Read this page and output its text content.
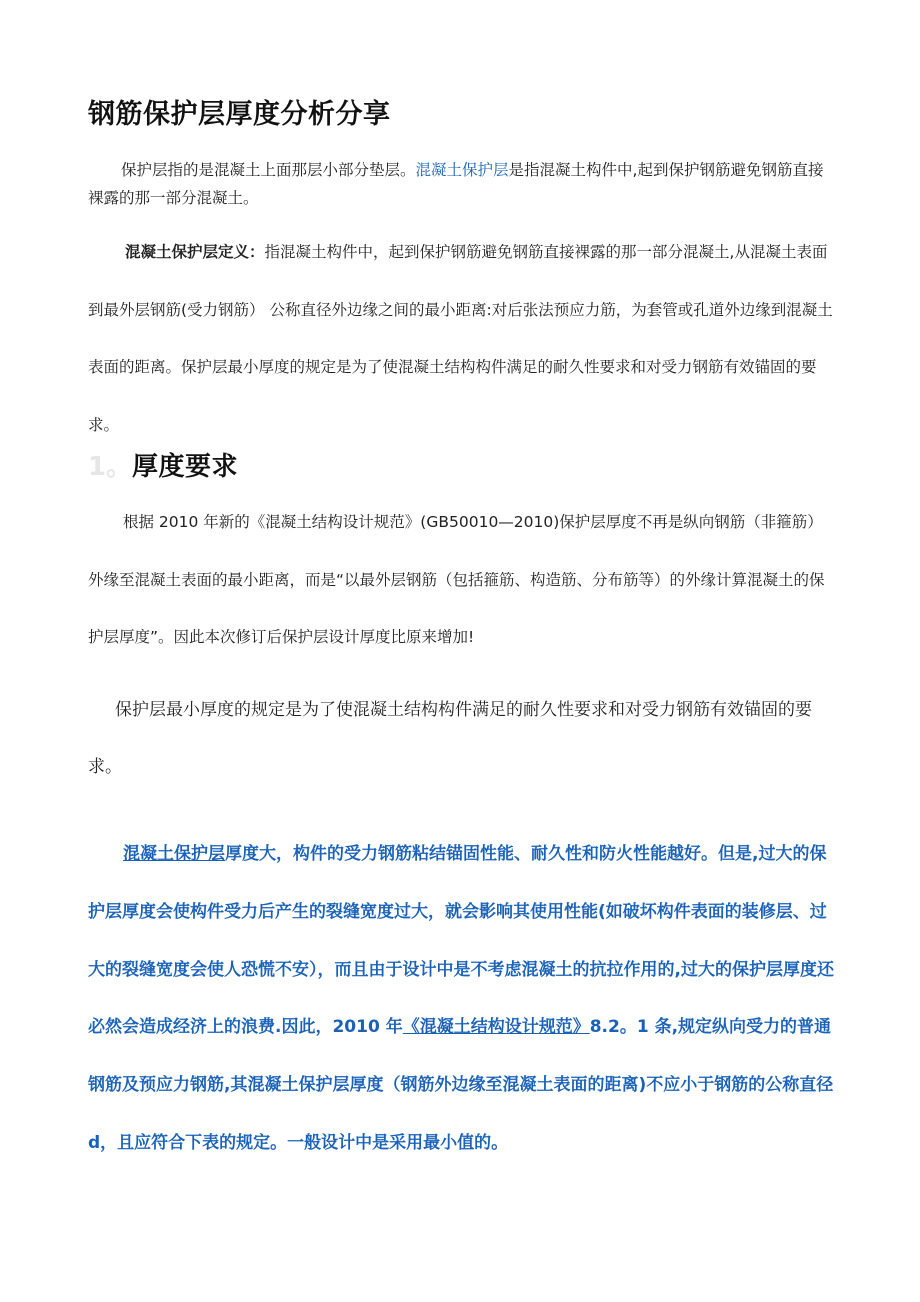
钢筋保护层厚度分析分享

保护层指的是混凝土上面那层小部分垫层。混凝土保护层是指混凝土构件中,起到保护钢筋避免钢筋直接裸露的那一部分混凝土。

混凝土保护层定义：指混凝土构件中，起到保护钢筋避免钢筋直接裸露的那一部分混凝土,从混凝土表面到最外层钢筋(受力钢筋） 公称直径外边缘之间的最小距离:对后张法预应力筋，为套管或孔道外边缘到混凝土表面的距离。保护层最小厚度的规定是为了使混凝土结构构件满足的耐久性要求和对受力钢筋有效锚固的要求。

1。 厚度要求

根据 2010 年新的《混凝土结构设计规范》(GB50010—2010)保护层厚度不再是纵向钢筋（非箍筋）外缘至混凝土表面的最小距离，而是“以最外层钢筋（包括箍筋、构造筋、分布筋等）的外缘计算混凝土的保护层厚度”。因此本次修订后保护层设计厚度比原来增加!

保护层最小厚度的规定是为了使混凝土结构构件满足的耐久性要求和对受力钢筋有效锚固的要求。

混凝土保护层厚度大，构件的受力钢筋粘结锚固性能、耐久性和防火性能越好。但是,过大的保护层厚度会使构件受力后产生的裂缝宽度过大，就会影响其使用性能(如破坏构件表面的装修层、过大的裂缝宽度会使人恐慌不安），而且由于设计中是不考虑混凝土的抗拉作用的,过大的保护层厚度还必然会造成经济上的浪费.因此，2010 年《混凝土结构设计规范》8.2。1 条,规定纵向受力的普通钢筋及预应力钢筋,其混凝土保护层厚度（钢筋外边缘至混凝土表面的距离)不应小于钢筋的公称直径 d，且应符合下表的规定。一般设计中是采用最小值的。
